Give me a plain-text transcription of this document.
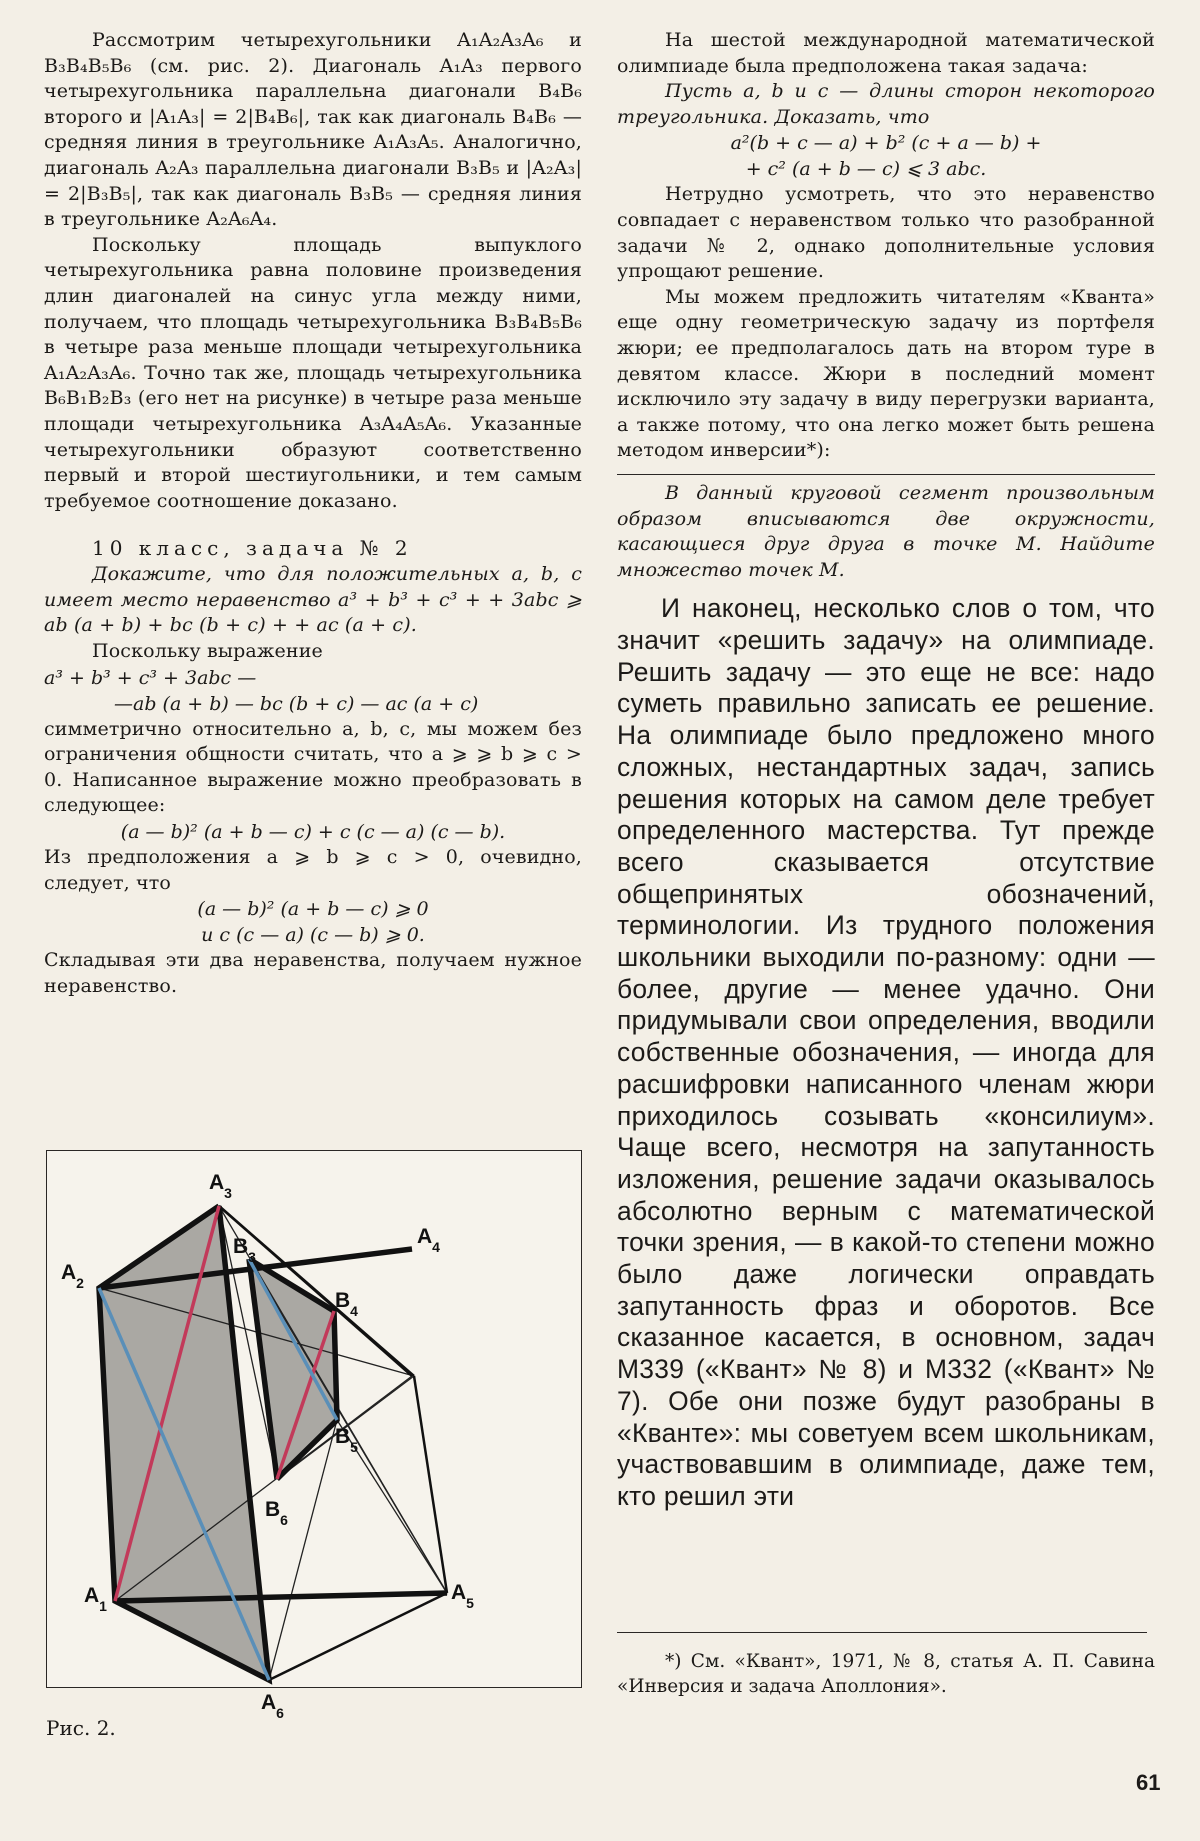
Рассмотрим четырехугольники A₁A₂A₃A₆ и B₃B₄B₅B₆ (см. рис. 2). Диагональ A₁A₃ первого четырехугольника параллельна диагонали B₄B₆ второго и |A₁A₃| = 2|B₄B₆|, так как диагональ B₄B₆ — средняя линия в треугольнике A₁A₃A₅. Аналогично, диагональ A₂A₃ параллельна диагонали B₃B₅ и |A₂A₃| = 2|B₃B₅|, так как диагональ B₃B₅ — средняя линия в треугольнике A₂A₆A₄.

Поскольку площадь выпуклого четырехугольника равна половине произведения длин диагоналей на синус угла между ними, получаем, что площадь четырехугольника B₃B₄B₅B₆ в четыре раза меньше площади четырехугольника A₁A₂A₃A₆. Точно так же, площадь четырехугольника B₆B₁B₂B₃ (его нет на рисунке) в четыре раза меньше площади четырехугольника A₃A₄A₅A₆. Указанные четырехугольники образуют соответственно первый и второй шестиугольники, и тем самым требуемое соотношение доказано.

10 класс, задача № 2

Докажите, что для положительных a, b, c имеет место неравенство a³ + b³ + c³ + + 3abc ⩾ ab (a + b) + bc (b + c) + + ac (a + c).

Поскольку выражение

a³ + b³ + c³ + 3abc —

—ab (a + b) — bc (b + c) — ac (a + c)

симметрично относительно a, b, c, мы можем без ограничения общности считать, что a ⩾ ⩾ b ⩾ c > 0. Написанное выражение можно преобразовать в следующее:

(a — b)² (a + b — c) + c (c — a) (c — b).

Из предположения a ⩾ b ⩾ c > 0, очевидно, следует, что

(a — b)² (a + b — c) ⩾ 0

и c (c — a) (c — b) ⩾ 0.

Складывая эти два неравенства, получаем нужное неравенство.

$A_3$
$A_4$
$A_2$
$A_1$
$A_5$
$A_6$
$B_3$
$B_4$
$B_5$
$B_6$
Рис. 2.

На шестой международной математической олимпиаде была предположена такая задача:

Пусть a, b и c — длины сторон некоторого треугольника. Доказать, что

a²(b + c — a) + b² (c + a — b) +

+ c² (a + b — c) ⩽ 3 abc.

Нетрудно усмотреть, что это неравенство совпадает с неравенством только что разобранной задачи № 2, однако дополнительные условия упрощают решение.

Мы можем предложить читателям «Кванта» еще одну геометрическую задачу из портфеля жюри; ее предполагалось дать на втором туре в девятом классе. Жюри в последний момент исключило эту задачу в виду перегрузки варианта, а также потому, что она легко может быть решена методом инверсии*):

В данный круговой сегмент произвольным образом вписываются две окружности, касающиеся друг друга в точке M. Найдите множество точек M.

И наконец, несколько слов о том, что значит «решить задачу» на олимпиаде. Решить задачу — это еще не все: надо суметь правильно записать ее решение. На олимпиаде было предложено много сложных, нестандартных задач, запись решения которых на самом деле требует определенного мастерства. Тут прежде всего сказывается отсутствие общепринятых обозначений, терминологии. Из трудного положения школьники выходили по-разному: одни — более, другие — менее удачно. Они придумывали свои определения, вводили собственные обозначения, — иногда для расшифровки написанного членам жюри приходилось созывать «консилиум». Чаще всего, несмотря на запутанность изложения, решение задачи оказывалось абсолютно верным с математической точки зрения, — в какой-то степени можно было даже логически оправдать запутанность фраз и оборотов. Все сказанное касается, в основном, задач М339 («Квант» № 8) и М332 («Квант» № 7). Обе они позже будут разобраны в «Кванте»: мы советуем всем школьникам, участвовавшим в олимпиаде, даже тем, кто решил эти

*) См. «Квант», 1971, № 8, статья А. П. Савина «Инверсия и задача Аполлония».

61
